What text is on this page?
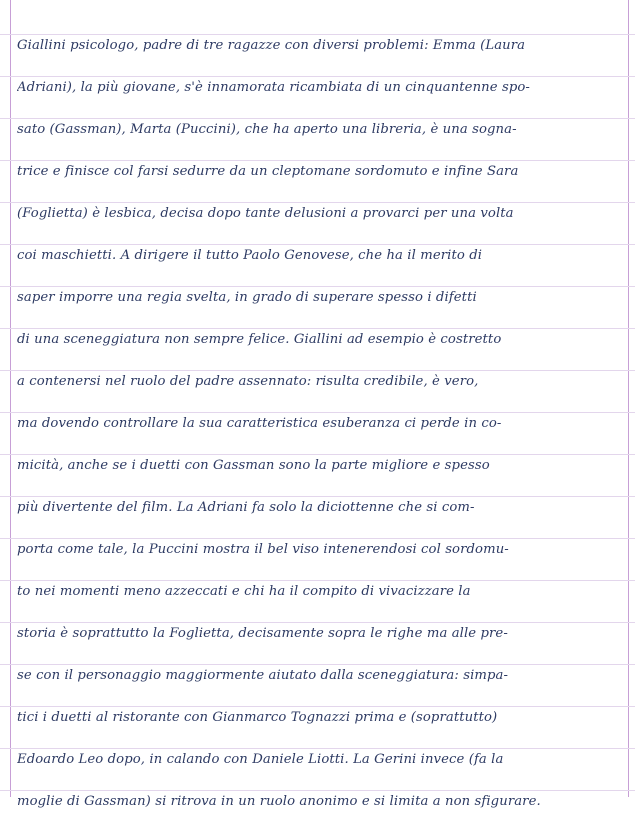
Giallini psicologo, padre di tre ragazze con diversi problemi: Emma (Laura
Adriani), la più giovane, s'è innamorata ricambiata di un cinquantenne spo-
sato (Gassman), Marta (Puccini), che ha aperto una libreria, è una sogna-
trice e finisce col farsi sedurre da un cleptomane sordomuto e infine Sara
(Foglietta) è lesbica, decisa dopo tante delusioni a provarci per una volta
coi maschietti. A dirigere il tutto Paolo Genovese, che ha il merito di
saper imporre una regia svelta, in grado di superare spesso i difetti
di una sceneggiatura non sempre felice. Giallini ad esempio è costretto
a contenersi nel ruolo del padre assennato: risulta credibile, è vero,
ma dovendo controllare la sua caratteristica esuberanza ci perde in co-
micità, anche se i duetti con Gassman sono la parte migliore e spesso
più divertente del film. La Adriani fa solo la diciottenne che si com-
porta come tale, la Puccini mostra il bel viso intenerendosi col sordomu-
to nei momenti meno azzeccati e chi ha il compito di vivacizzare la
storia è soprattutto la Foglietta, decisamente sopra le righe ma alle pre-
se con il personaggio maggiormente aiutato dalla sceneggiatura: simpa-
tici i duetti al ristorante con Gianmarco Tognazzi prima e (soprattutto)
Edoardo Leo dopo, in calando con Daniele Liotti. La Gerini invece (fa la
moglie di Gassman) si ritrova in un ruolo anonimo e si limita a non sfigurare.
